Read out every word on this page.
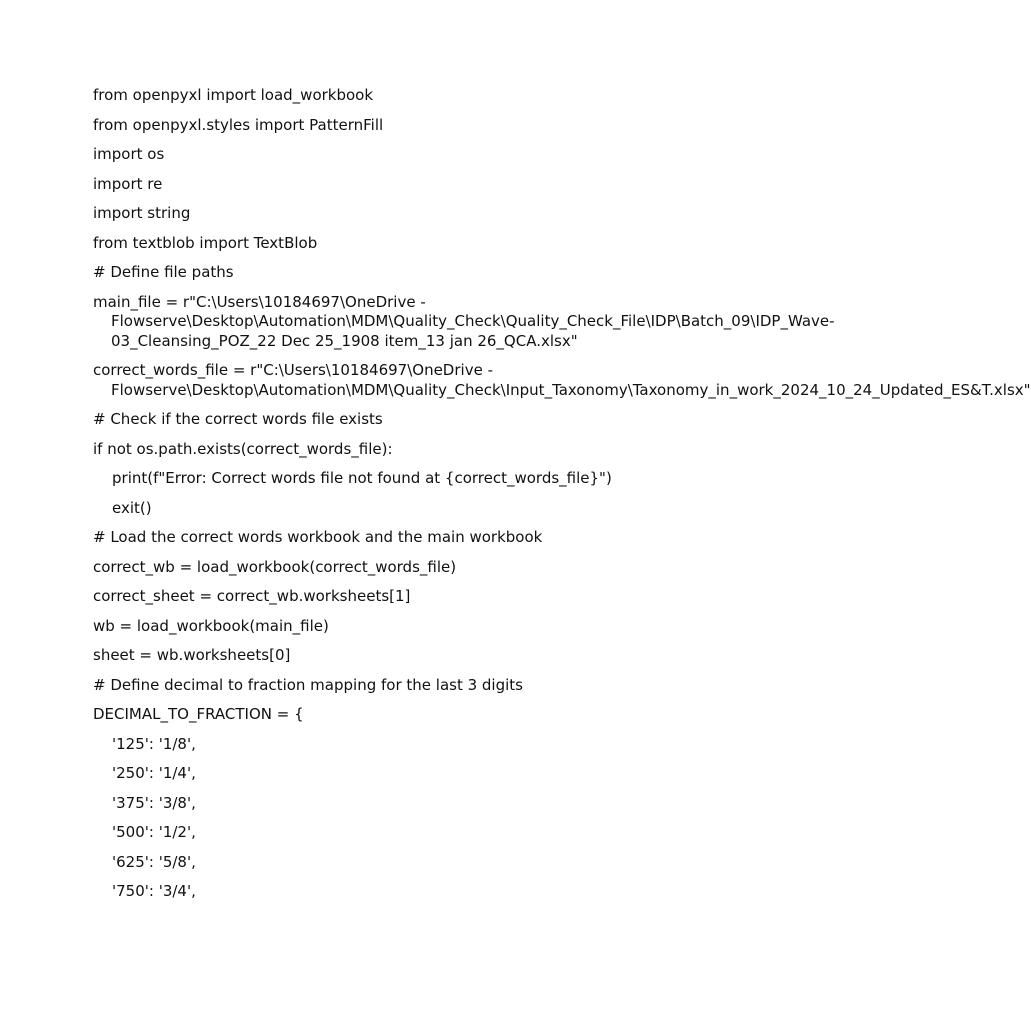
from openpyxl import load_workbook
from openpyxl.styles import PatternFill
import os
import re
import string
from textblob import TextBlob
# Define file paths
main_file = r"C:\Users\10184697\OneDrive - Flowserve\Desktop\Automation\MDM\Quality_Check\Quality_Check_File\IDP\Batch_09\IDP_Wave-03_Cleansing_POZ_22 Dec 25_1908 item_13 jan 26_QCA.xlsx"
correct_words_file = r"C:\Users\10184697\OneDrive - Flowserve\Desktop\Automation\MDM\Quality_Check\Input_Taxonomy\Taxonomy_in_work_2024_10_24_Updated_ES&T.xlsx"
# Check if the correct words file exists
if not os.path.exists(correct_words_file):
print(f"Error: Correct words file not found at {correct_words_file}")
exit()
# Load the correct words workbook and the main workbook
correct_wb = load_workbook(correct_words_file)
correct_sheet = correct_wb.worksheets[1]
wb = load_workbook(main_file)
sheet = wb.worksheets[0]
# Define decimal to fraction mapping for the last 3 digits
DECIMAL_TO_FRACTION = {
'125': '1/8',
'250': '1/4',
'375': '3/8',
'500': '1/2',
'625': '5/8',
'750': '3/4',
